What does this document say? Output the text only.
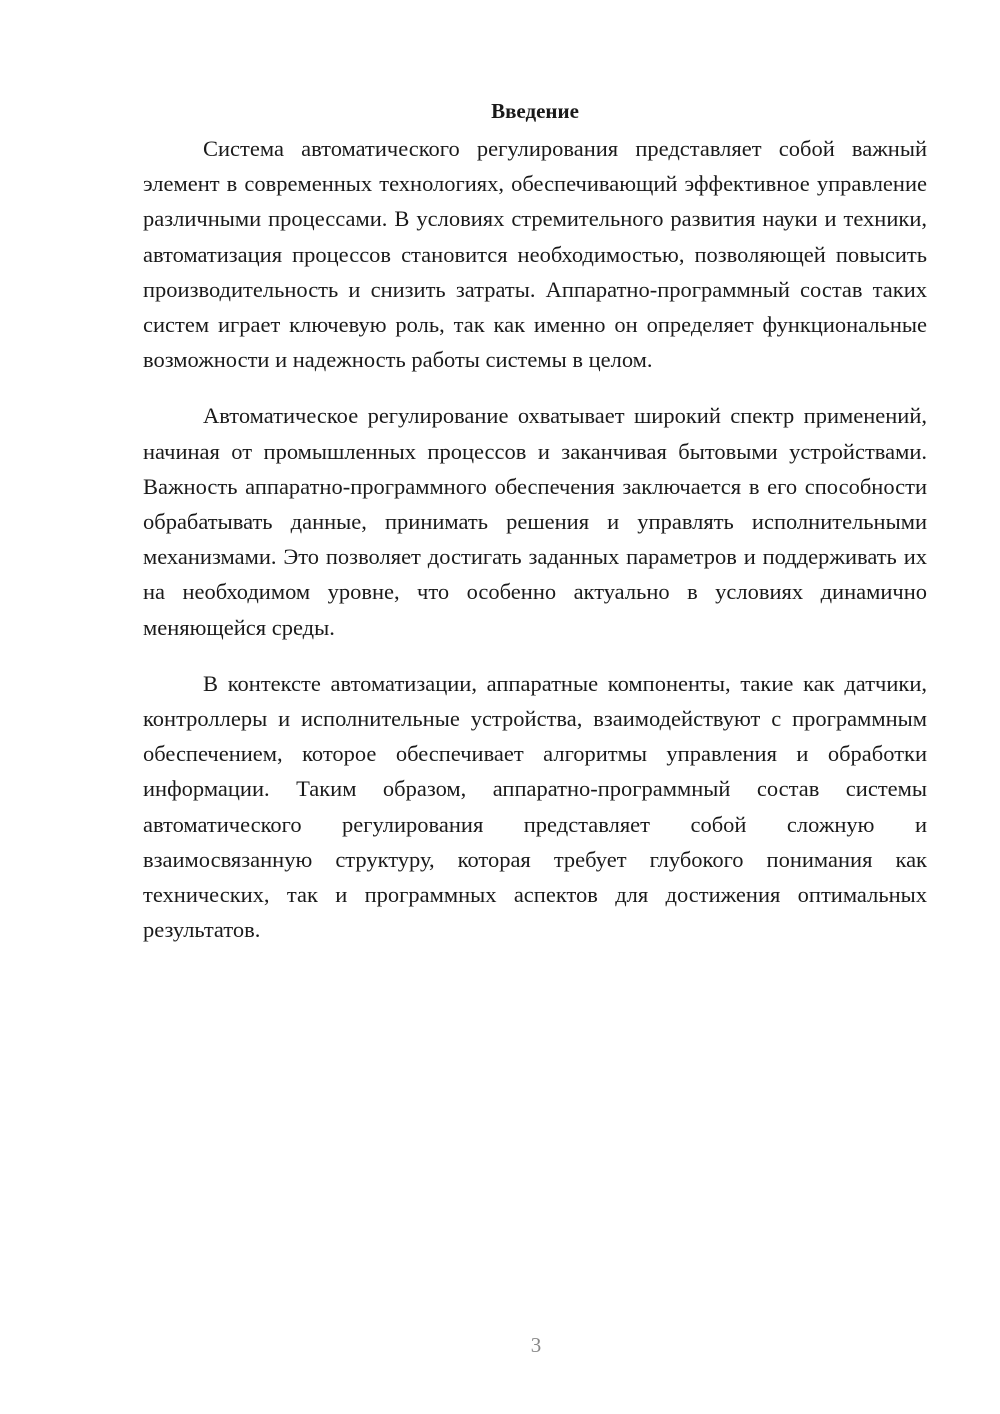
Введение

Система автоматического регулирования представляет собой важный элемент в современных технологиях, обеспечивающий эффективное управление различными процессами. В условиях стремительного развития науки и техники, автоматизация процессов становится необходимостью, позволяющей повысить производительность и снизить затраты. Аппаратно-программный состав таких систем играет ключевую роль, так как именно он определяет функциональные возможности и надежность работы системы в целом.

Автоматическое регулирование охватывает широкий спектр применений, начиная от промышленных процессов и заканчивая бытовыми устройствами. Важность аппаратно-программного обеспечения заключается в его способности обрабатывать данные, принимать решения и управлять исполнительными механизмами. Это позволяет достигать заданных параметров и поддерживать их на необходимом уровне, что особенно актуально в условиях динамично меняющейся среды.

В контексте автоматизации, аппаратные компоненты, такие как датчики, контроллеры и исполнительные устройства, взаимодействуют с программным обеспечением, которое обеспечивает алгоритмы управления и обработки информации. Таким образом, аппаратно-программный состав системы автоматического регулирования представляет собой сложную и взаимосвязанную структуру, которая требует глубокого понимания как технических, так и программных аспектов для достижения оптимальных результатов.

3
